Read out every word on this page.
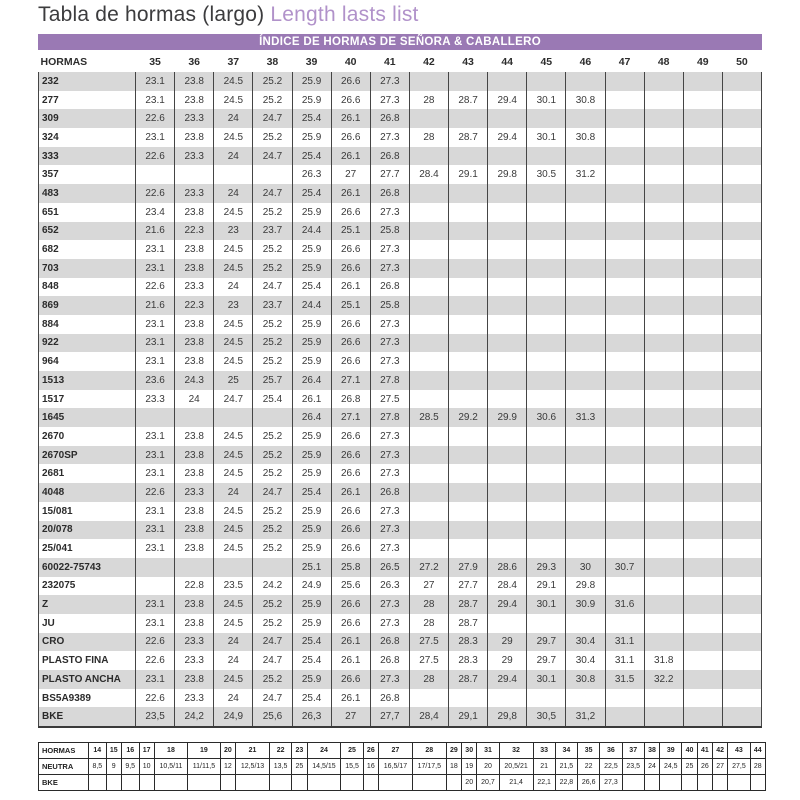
Tabla de hormas (largo) Length lasts list
ÍNDICE DE HORMAS DE SEÑORA & CABALLERO
HORMAS	35	36	37	38	39	40	41	42	43	44	45	46	47	48	49	50
232	23.1	23.8	24.5	25.2	25.9	26.6	27.3									
277	23.1	23.8	24.5	25.2	25.9	26.6	27.3	28	28.7	29.4	30.1	30.8				
309	22.6	23.3	24	24.7	25.4	26.1	26.8									
324	23.1	23.8	24.5	25.2	25.9	26.6	27.3	28	28.7	29.4	30.1	30.8				
333	22.6	23.3	24	24.7	25.4	26.1	26.8									
357					26.3	27	27.7	28.4	29.1	29.8	30.5	31.2				
483	22.6	23.3	24	24.7	25.4	26.1	26.8									
651	23.4	23.8	24.5	25.2	25.9	26.6	27.3									
652	21.6	22.3	23	23.7	24.4	25.1	25.8									
682	23.1	23.8	24.5	25.2	25.9	26.6	27.3									
703	23.1	23.8	24.5	25.2	25.9	26.6	27.3									
848	22.6	23.3	24	24.7	25.4	26.1	26.8									
869	21.6	22.3	23	23.7	24.4	25.1	25.8									
884	23.1	23.8	24.5	25.2	25.9	26.6	27.3									
922	23.1	23.8	24.5	25.2	25.9	26.6	27.3									
964	23.1	23.8	24.5	25.2	25.9	26.6	27.3									
1513	23.6	24.3	25	25.7	26.4	27.1	27.8									
1517	23.3	24	24.7	25.4	26.1	26.8	27.5									
1645					26.4	27.1	27.8	28.5	29.2	29.9	30.6	31.3				
2670	23.1	23.8	24.5	25.2	25.9	26.6	27.3									
2670SP	23.1	23.8	24.5	25.2	25.9	26.6	27.3									
2681	23.1	23.8	24.5	25.2	25.9	26.6	27.3									
4048	22.6	23.3	24	24.7	25.4	26.1	26.8									
15/081	23.1	23.8	24.5	25.2	25.9	26.6	27.3									
20/078	23.1	23.8	24.5	25.2	25.9	26.6	27.3									
25/041	23.1	23.8	24.5	25.2	25.9	26.6	27.3									
60022-75743					25.1	25.8	26.5	27.2	27.9	28.6	29.3	30	30.7			
232075		22.8	23.5	24.2	24.9	25.6	26.3	27	27.7	28.4	29.1	29.8				
Z	23.1	23.8	24.5	25.2	25.9	26.6	27.3	28	28.7	29.4	30.1	30.9	31.6			
JU	23.1	23.8	24.5	25.2	25.9	26.6	27.3	28	28.7							
CRO	22.6	23.3	24	24.7	25.4	26.1	26.8	27.5	28.3	29	29.7	30.4	31.1			
PLASTO FINA	22.6	23.3	24	24.7	25.4	26.1	26.8	27.5	28.3	29	29.7	30.4	31.1	31.8		
PLASTO ANCHA	23.1	23.8	24.5	25.2	25.9	26.6	27.3	28	28.7	29.4	30.1	30.8	31.5	32.2		
BS5A9389	22.6	23.3	24	24.7	25.4	26.1	26.8									
BKE	23,5	24,2	24,9	25,6	26,3	27	27,7	28,4	29,1	29,8	30,5	31,2				
HORMAS	14	15	16	17	18	19	20	21	22	23	24	25	26	27	28	29	30	31	32	33	34	35	36	37	38	39	40	41	42	43	44
NEUTRA	8,5	9	9,5	10	10,5/11	11/11,5	12	12,5/13	13,5	25	14,5/15	15,5	16	16,5/17	17/17,5	18	19	20	20,5/21	21	21,5	22	22,5	23,5	24	24,5	25	26	27	27,5	28
BKE																	20	20,7	21,4	22,1	22,8	26,6	27,3								
